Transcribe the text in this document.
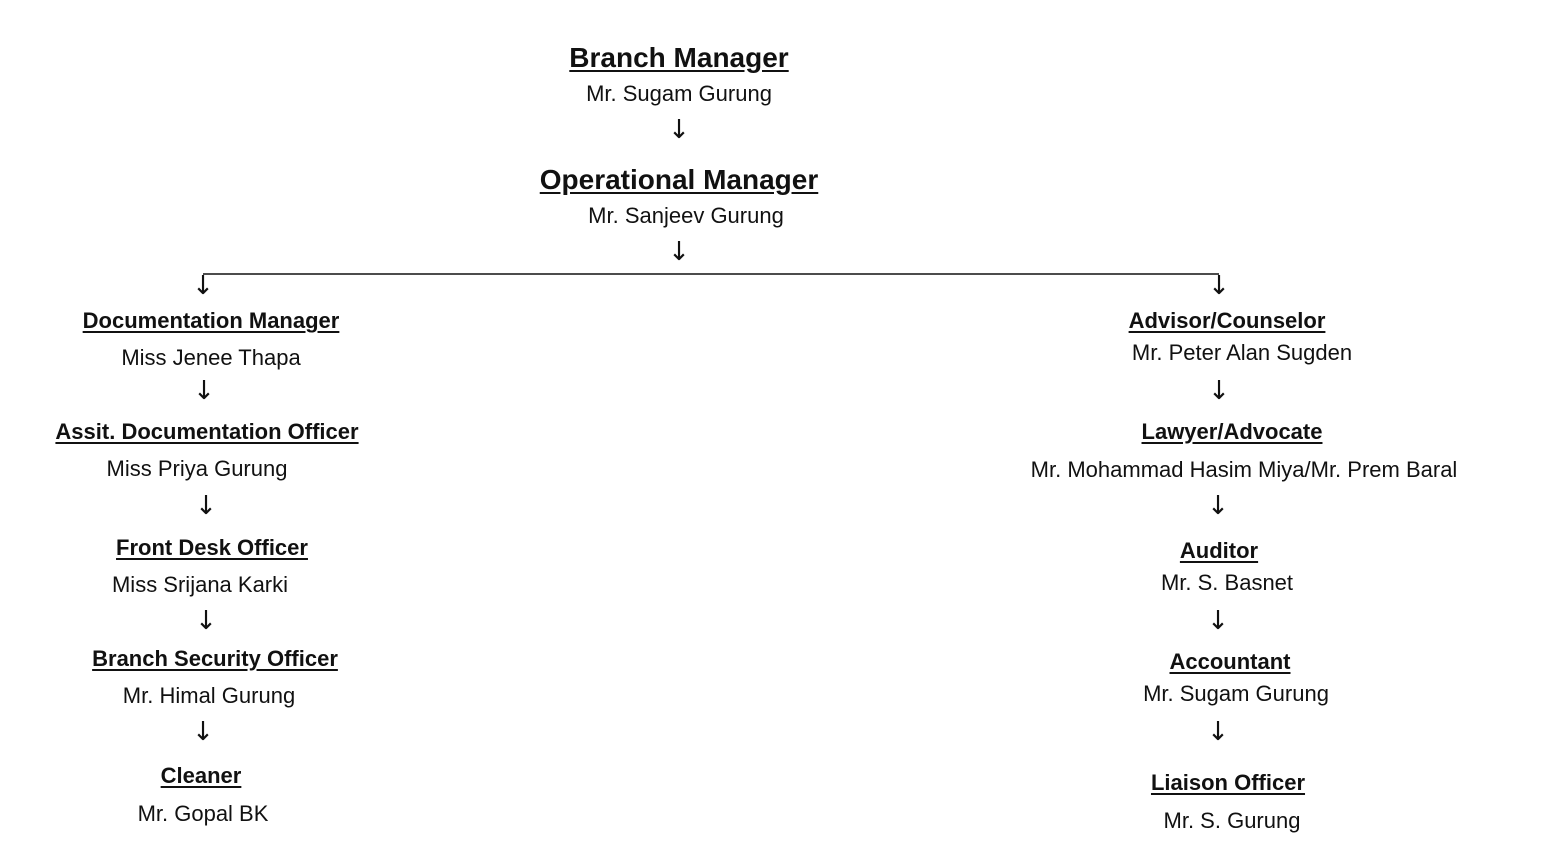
Branch Manager
Mr. Sugam Gurung
↓
Operational Manager
Mr. Sanjeev Gurung
↓
↓	↓
Documentation Manager
Miss Jenee Thapa
↓
Assit. Documentation Officer
Miss Priya Gurung
↓
Front Desk Officer
Miss Srijana Karki
↓
Branch Security Officer
Mr. Himal Gurung
↓
Cleaner
Mr. Gopal BK
Advisor/Counselor
Mr. Peter Alan Sugden
↓
Lawyer/Advocate
Mr. Mohammad Hasim Miya/Mr. Prem Baral
↓
Auditor
Mr. S. Basnet
↓
Accountant
Mr. Sugam Gurung
↓
Liaison Officer
Mr. S. Gurung
